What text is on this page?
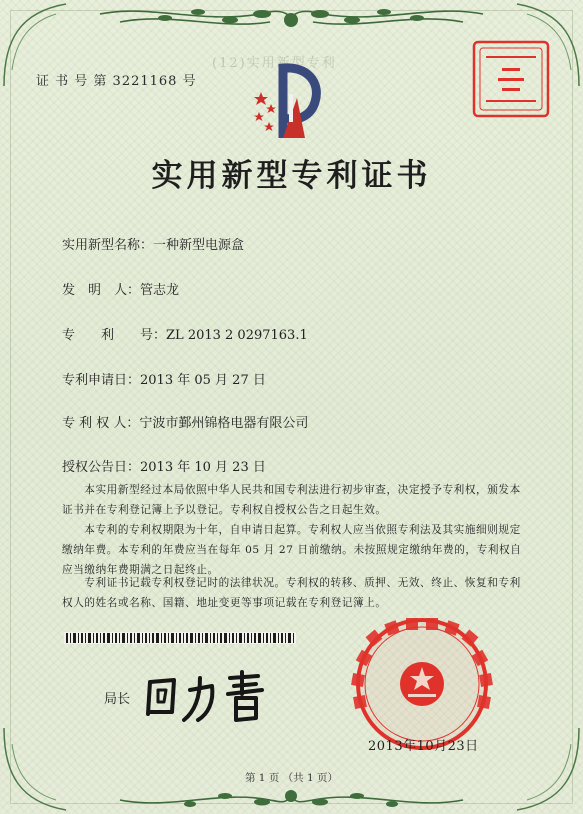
证 书 号 第 3221168 号
(12)实用新型专利
实用新型专利证书
实用新型名称：一种新型电源盒
发　明　人：管志龙
专　　利　　号：ZL 2013 2 0297163.1
专利申请日：2013 年 05 月 27 日
专 利 权 人：宁波市鄞州锦格电器有限公司
授权公告日：2013 年 10 月 23 日
本实用新型经过本局依照中华人民共和国专利法进行初步审查，决定授予专利权，颁发本证书并在专利登记簿上予以登记。专利权自授权公告之日起生效。
本专利的专利权期限为十年，自申请日起算。专利权人应当依照专利法及其实施细则规定缴纳年费。本专利的年费应当在每年 05 月 27 日前缴纳。未按照规定缴纳年费的，专利权自应当缴纳年费期满之日起终止。
专利证书记载专利权登记时的法律状况。专利权的转移、质押、无效、终止、恢复和专利权人的姓名或名称、国籍、地址变更等事项记载在专利登记簿上。
局长
2013年10月23日
第 1 页 （共 1 页）
